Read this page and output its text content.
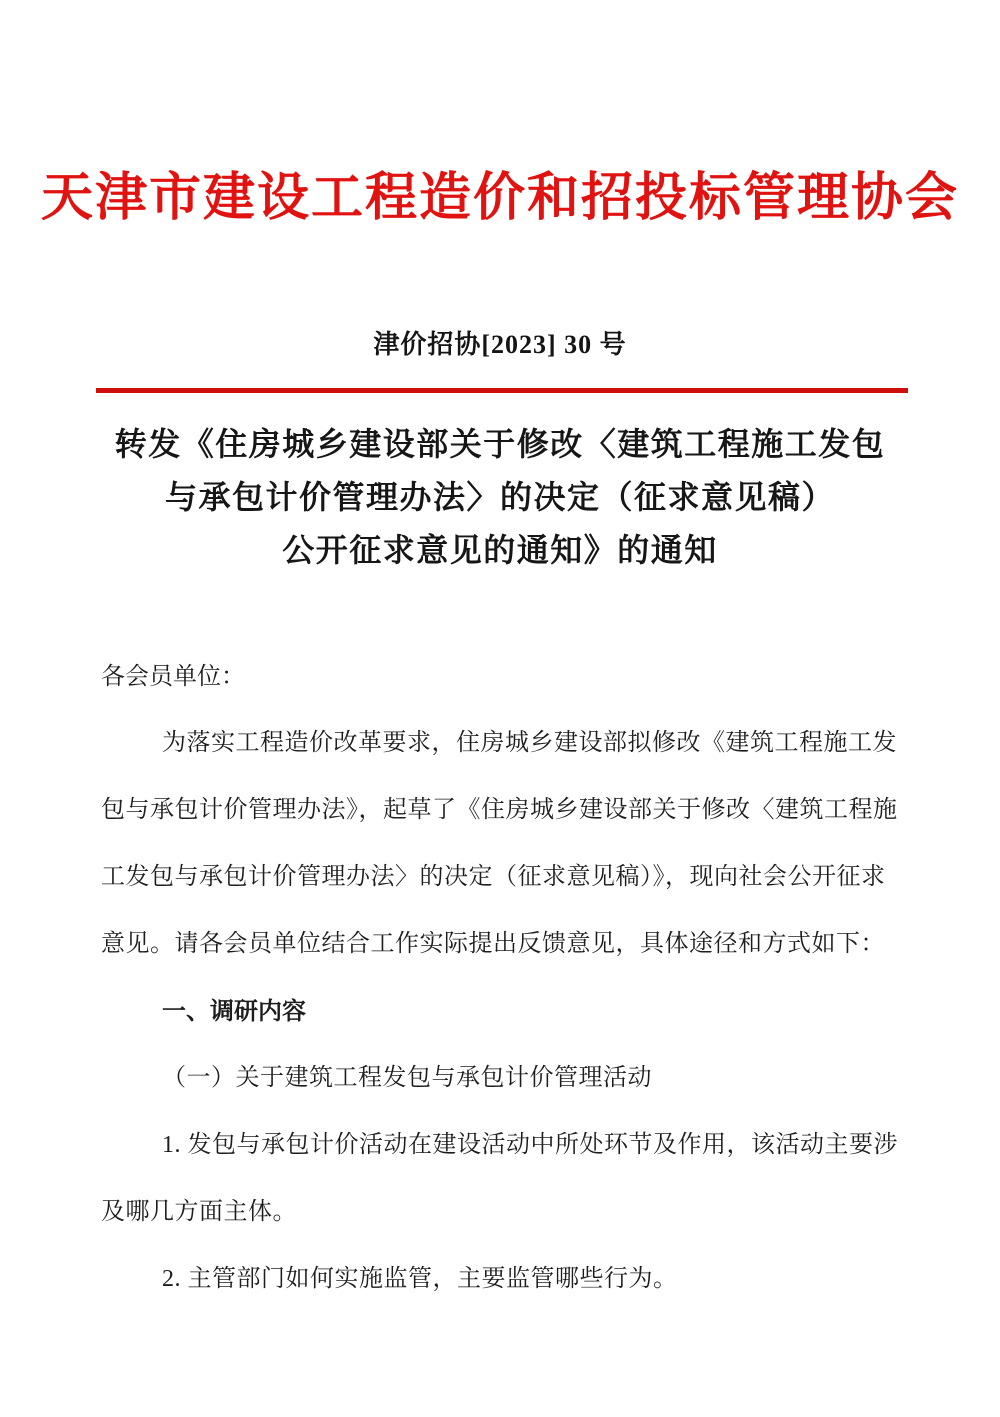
天津市建设工程造价和招投标管理协会
津价招协[2023] 30 号
转发《住房城乡建设部关于修改〈建筑工程施工发包
与承包计价管理办法〉的决定（征求意见稿）
公开征求意见的通知》的通知
各会员单位：
为落实工程造价改革要求，住房城乡建设部拟修改《建筑工程施工发
包与承包计价管理办法》，起草了《住房城乡建设部关于修改〈建筑工程施
工发包与承包计价管理办法〉的决定（征求意见稿）》，现向社会公开征求
意见。请各会员单位结合工作实际提出反馈意见，具体途径和方式如下：
一、调研内容
（一）关于建筑工程发包与承包计价管理活动
1. 发包与承包计价活动在建设活动中所处环节及作用，该活动主要涉
及哪几方面主体。
2. 主管部门如何实施监管，主要监管哪些行为。
